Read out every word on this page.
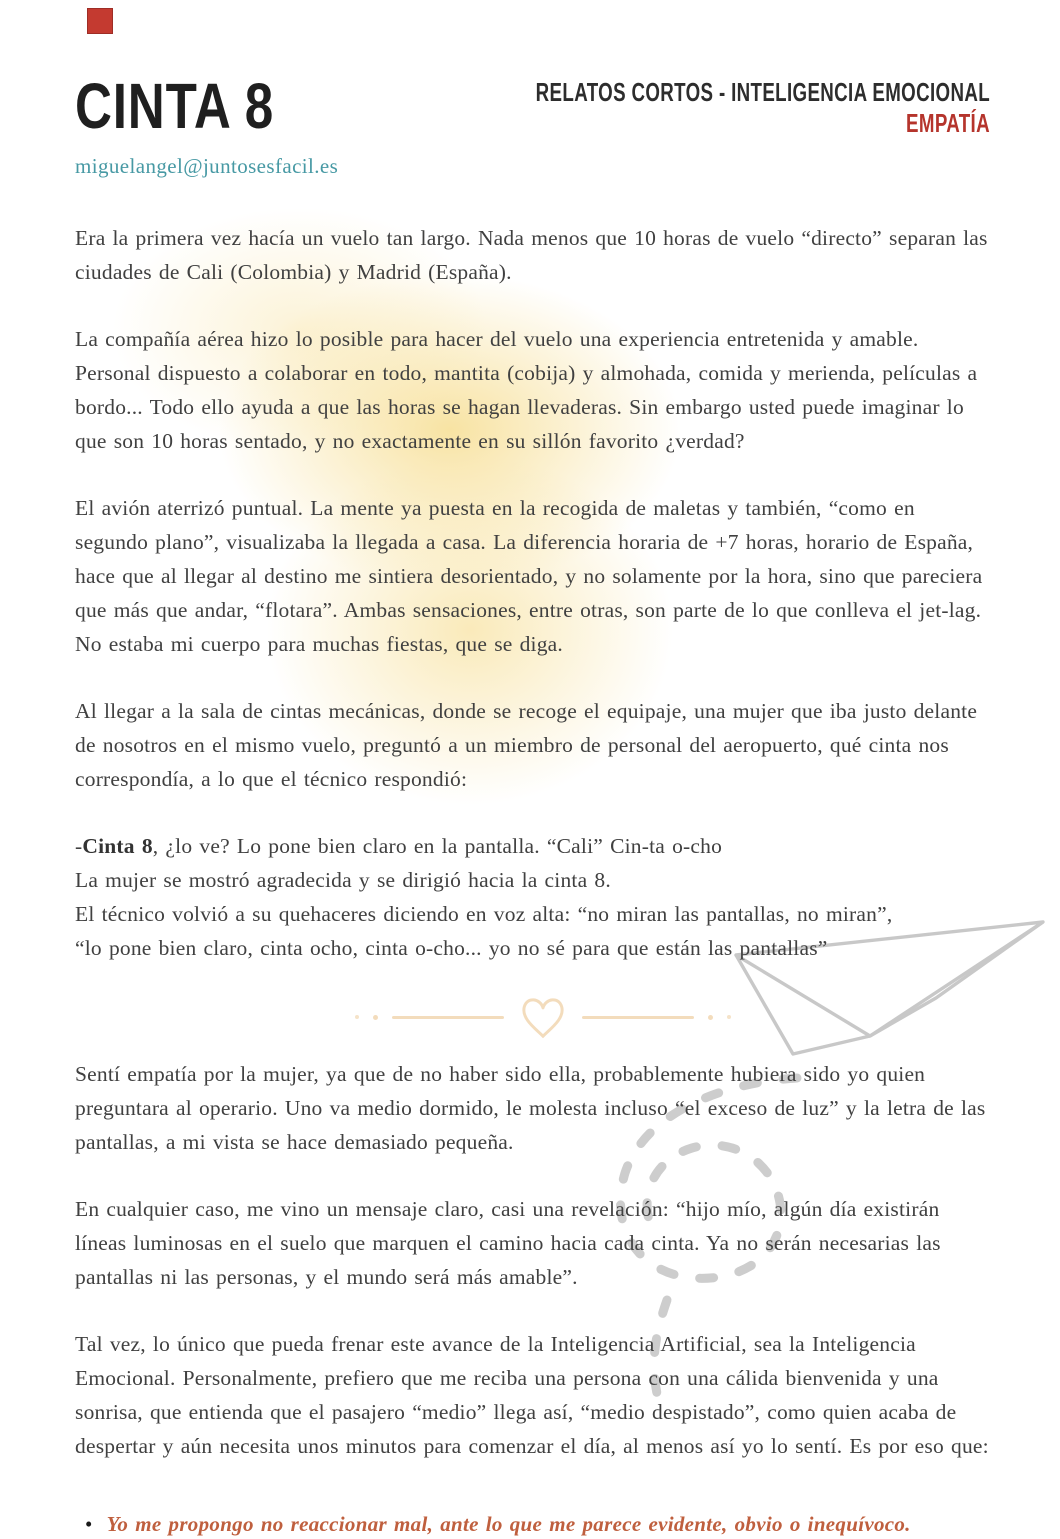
CINTA 8	RELATOS CORTOS - INTELIGENCIA EMOCIONAL
EMPATÍA
miguelangel@juntosesfacil.es

Era la primera vez hacía un vuelo tan largo. Nada menos que 10 horas de vuelo “directo” separan las ciudades de Cali (Colombia) y Madrid (España).

La compañía aérea hizo lo posible para hacer del vuelo una experiencia entretenida y amable. Personal dispuesto a colaborar en todo, mantita (cobija) y almohada, comida y merienda, películas a bordo... Todo ello ayuda a que las horas se hagan llevaderas. Sin embargo usted puede imaginar lo que son 10 horas sentado, y no exactamente en su sillón favorito ¿verdad?

El avión aterrizó puntual. La mente ya puesta en la recogida de maletas y también, “como en segundo plano”, visualizaba la llegada a casa. La diferencia horaria de +7 horas, horario de España, hace que al llegar al destino me sintiera desorientado, y no solamente por la hora, sino que pareciera que más que andar, “flotara”. Ambas sensaciones, entre otras, son parte de lo que conlleva el jet-lag. No estaba mi cuerpo para muchas fiestas, que se diga.

Al llegar a la sala de cintas mecánicas, donde se recoge el equipaje, una mujer que iba justo delante de nosotros en el mismo vuelo, preguntó a un miembro de personal del aeropuerto, qué cinta nos correspondía, a lo que el técnico respondió:

-Cinta 8, ¿lo ve? Lo pone bien claro en la pantalla. “Cali” Cin-ta o-cho
La mujer se mostró agradecida y se dirigió hacia la cinta 8.
El técnico volvió a su quehaceres diciendo en voz alta: “no miran las pantallas, no miran”,
“lo pone bien claro, cinta ocho, cinta o-cho... yo no sé para que están las pantallas”

Sentí empatía por la mujer, ya que de no haber sido ella, probablemente hubiera sido yo quien preguntara al operario. Uno va medio dormido, le molesta incluso “el exceso de luz” y la letra de las pantallas, a mi vista se hace demasiado pequeña.

En cualquier caso, me vino un mensaje claro, casi una revelación: “hijo mío, algún día existirán líneas luminosas en el suelo que marquen el camino hacia cada cinta. Ya no serán necesarias las pantallas ni las personas, y el mundo será más amable”.

Tal vez, lo único que pueda frenar este avance de la Inteligencia Artificial, sea la Inteligencia Emocional. Personalmente, prefiero que me reciba una persona con una cálida bienvenida y una sonrisa, que entienda que el pasajero “medio” llega así, “medio despistado”, como quien acaba de despertar y aún necesita unos minutos para comenzar el día, al menos así yo lo sentí. Es por eso que:

• Yo me propongo no reaccionar mal, ante lo que me parece evidente, obvio o inequívoco.
